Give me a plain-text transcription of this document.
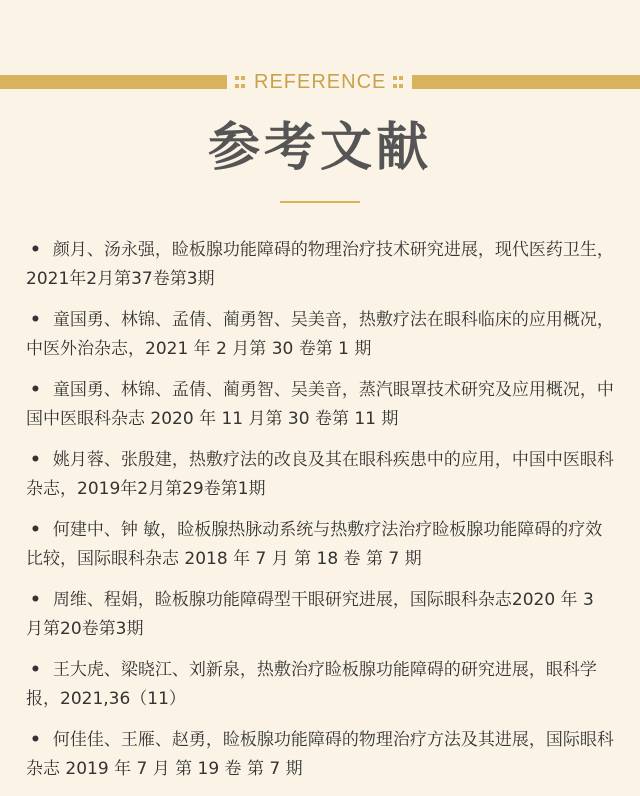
REFERENCE
参考文献
• 颜月、汤永强，睑板腺功能障碍的物理治疗技术研究进展，现代医药卫生，2021年2月第37卷第3期
• 童国勇、林锦、孟倩、蔺勇智、吴美音，热敷疗法在眼科临床的应用概况，中医外治杂志，2021 年 2 月第 30 卷第 1 期
• 童国勇、林锦、孟倩、蔺勇智、吴美音，蒸汽眼罩技术研究及应用概况，中国中医眼科杂志 2020 年 11 月第 30 卷第 11 期
• 姚月蓉、张殷建，热敷疗法的改良及其在眼科疾患中的应用，中国中医眼科杂志，2019年2月第29卷第1期
• 何建中、钟 敏，睑板腺热脉动系统与热敷疗法治疗睑板腺功能障碍的疗效比较，国际眼科杂志 2018 年 7 月 第 18 卷 第 7 期
• 周维、程娟，睑板腺功能障碍型干眼研究进展，国际眼科杂志2020 年 3 月第20卷第3期
• 王大虎、梁晓江、刘新泉，热敷治疗睑板腺功能障碍的研究进展，眼科学报，2021,36（11）
• 何佳佳、王雁、赵勇，睑板腺功能障碍的物理治疗方法及其进展，国际眼科杂志 2019 年 7 月 第 19 卷 第 7 期
